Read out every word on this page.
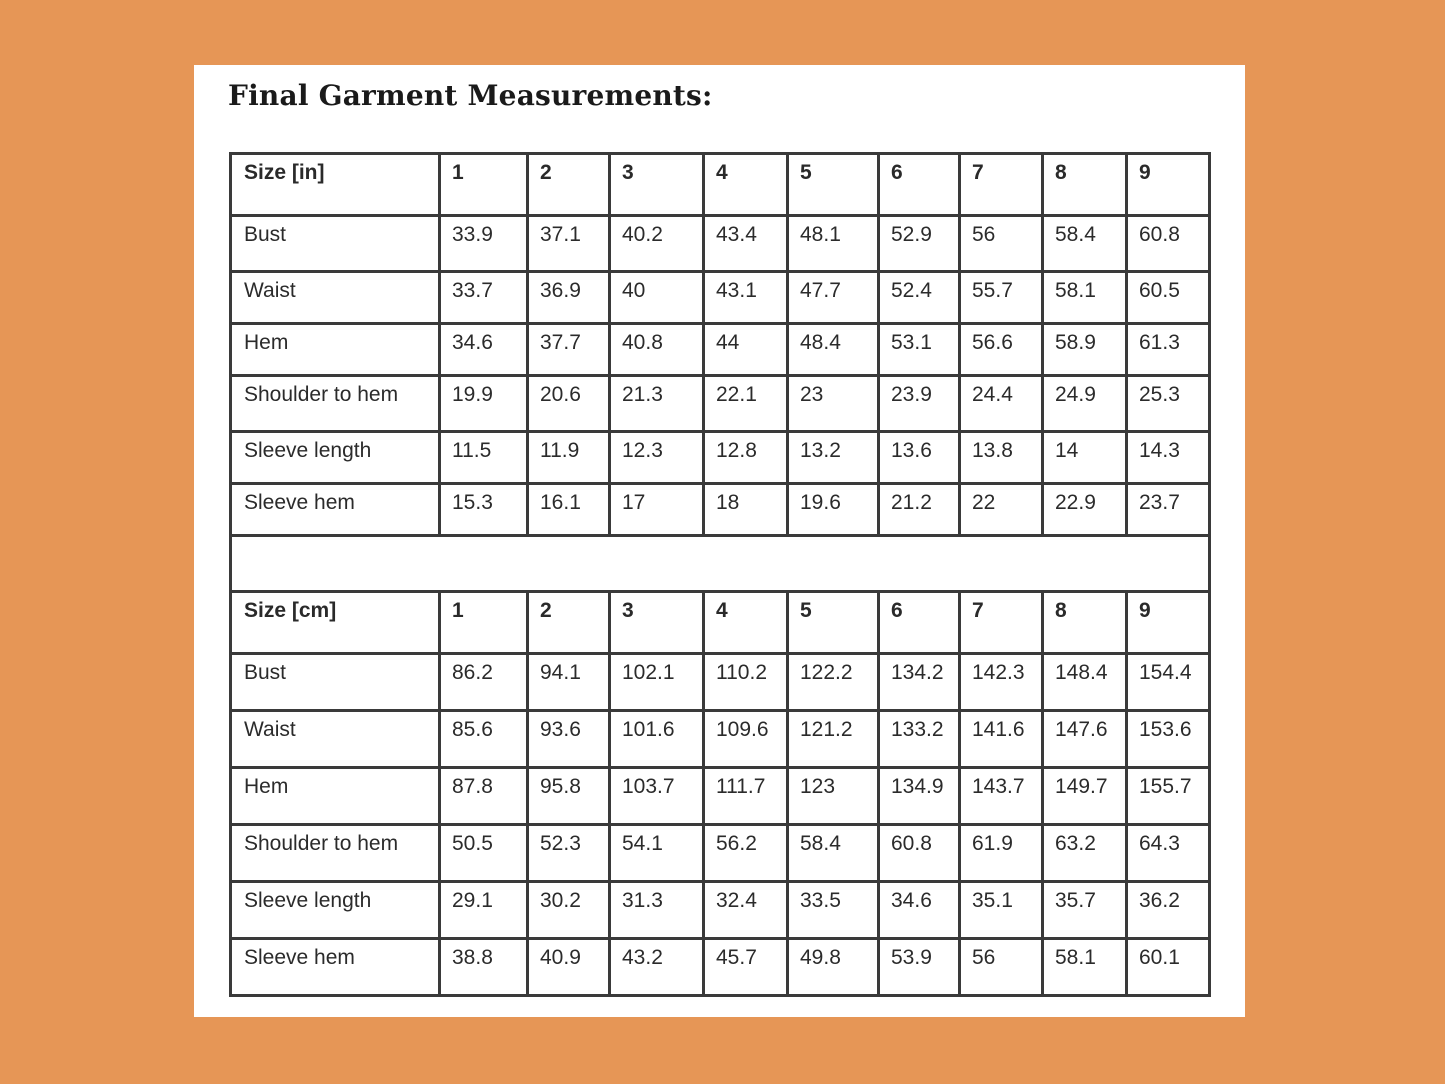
Final Garment Measurements:
Size [in]	1	2	3	4	5	6	7	8	9
Bust	33.9	37.1	40.2	43.4	48.1	52.9	56	58.4	60.8
Waist	33.7	36.9	40	43.1	47.7	52.4	55.7	58.1	60.5
Hem	34.6	37.7	40.8	44	48.4	53.1	56.6	58.9	61.3
Shoulder to hem	19.9	20.6	21.3	22.1	23	23.9	24.4	24.9	25.3
Sleeve length	11.5	11.9	12.3	12.8	13.2	13.6	13.8	14	14.3
Sleeve hem	15.3	16.1	17	18	19.6	21.2	22	22.9	23.7

Size [cm]	1	2	3	4	5	6	7	8	9
Bust	86.2	94.1	102.1	110.2	122.2	134.2	142.3	148.4	154.4
Waist	85.6	93.6	101.6	109.6	121.2	133.2	141.6	147.6	153.6
Hem	87.8	95.8	103.7	111.7	123	134.9	143.7	149.7	155.7
Shoulder to hem	50.5	52.3	54.1	56.2	58.4	60.8	61.9	63.2	64.3
Sleeve length	29.1	30.2	31.3	32.4	33.5	34.6	35.1	35.7	36.2
Sleeve hem	38.8	40.9	43.2	45.7	49.8	53.9	56	58.1	60.1
